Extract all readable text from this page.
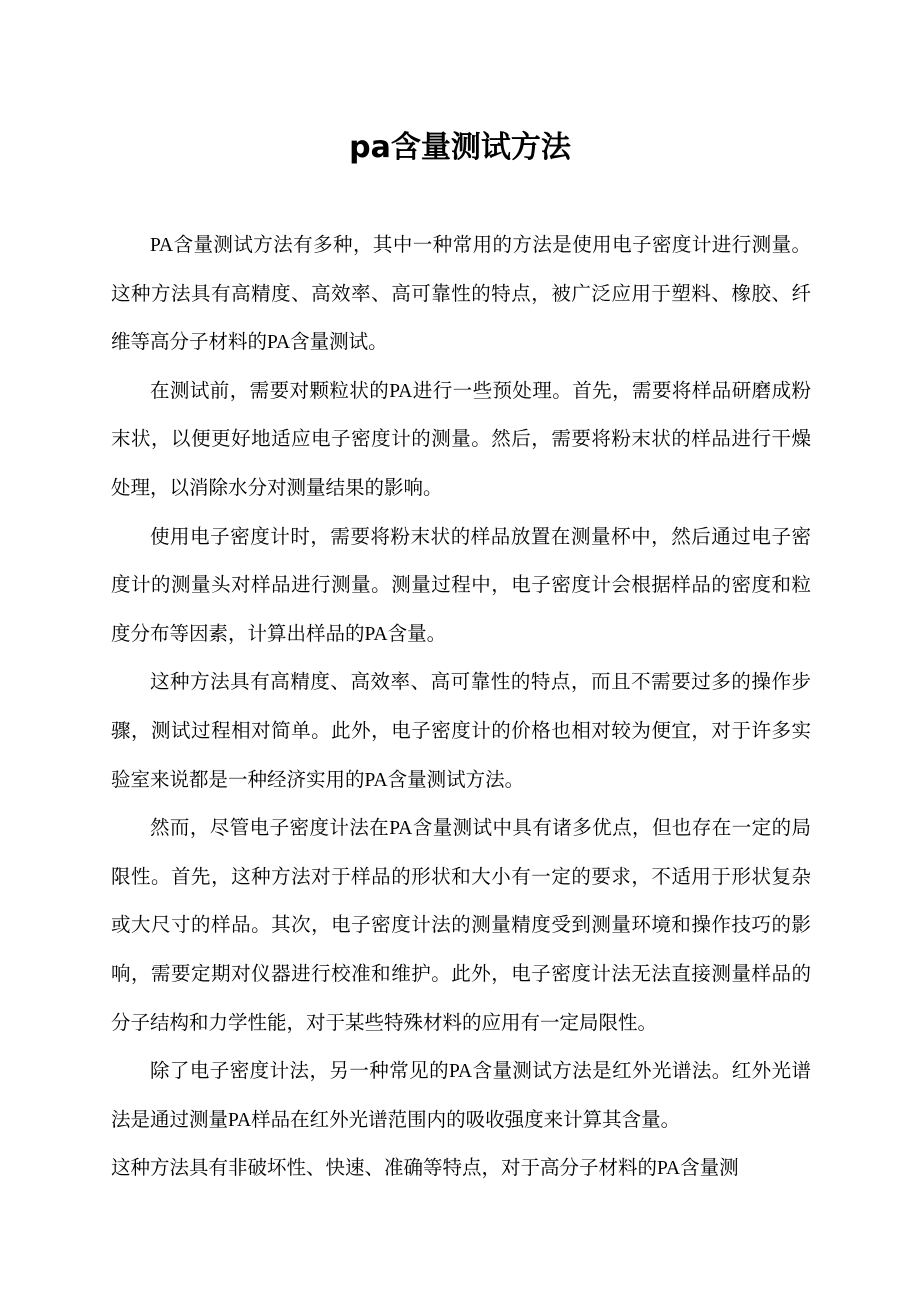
pa含量测试方法

PA含量测试方法有多种，其中一种常用的方法是使用电子密度计进行测量。这种方法具有高精度、高效率、高可靠性的特点，被广泛应用于塑料、橡胶、纤维等高分子材料的PA含量测试。

在测试前，需要对颗粒状的PA进行一些预处理。首先，需要将样品研磨成粉末状，以便更好地适应电子密度计的测量。然后，需要将粉末状的样品进行干燥处理，以消除水分对测量结果的影响。

使用电子密度计时，需要将粉末状的样品放置在测量杯中，然后通过电子密度计的测量头对样品进行测量。测量过程中，电子密度计会根据样品的密度和粒度分布等因素，计算出样品的PA含量。

这种方法具有高精度、高效率、高可靠性的特点，而且不需要过多的操作步骤，测试过程相对简单。此外，电子密度计的价格也相对较为便宜，对于许多实验室来说都是一种经济实用的PA含量测试方法。

然而，尽管电子密度计法在PA含量测试中具有诸多优点，但也存在一定的局限性。首先，这种方法对于样品的形状和大小有一定的要求，不适用于形状复杂或大尺寸的样品。其次，电子密度计法的测量精度受到测量环境和操作技巧的影响，需要定期对仪器进行校准和维护。此外，电子密度计法无法直接测量样品的分子结构和力学性能，对于某些特殊材料的应用有一定局限性。

除了电子密度计法，另一种常见的PA含量测试方法是红外光谱法。红外光谱法是通过测量PA样品在红外光谱范围内的吸收强度来计算其含量。

这种方法具有非破坏性、快速、准确等特点，对于高分子材料的PA含量测
